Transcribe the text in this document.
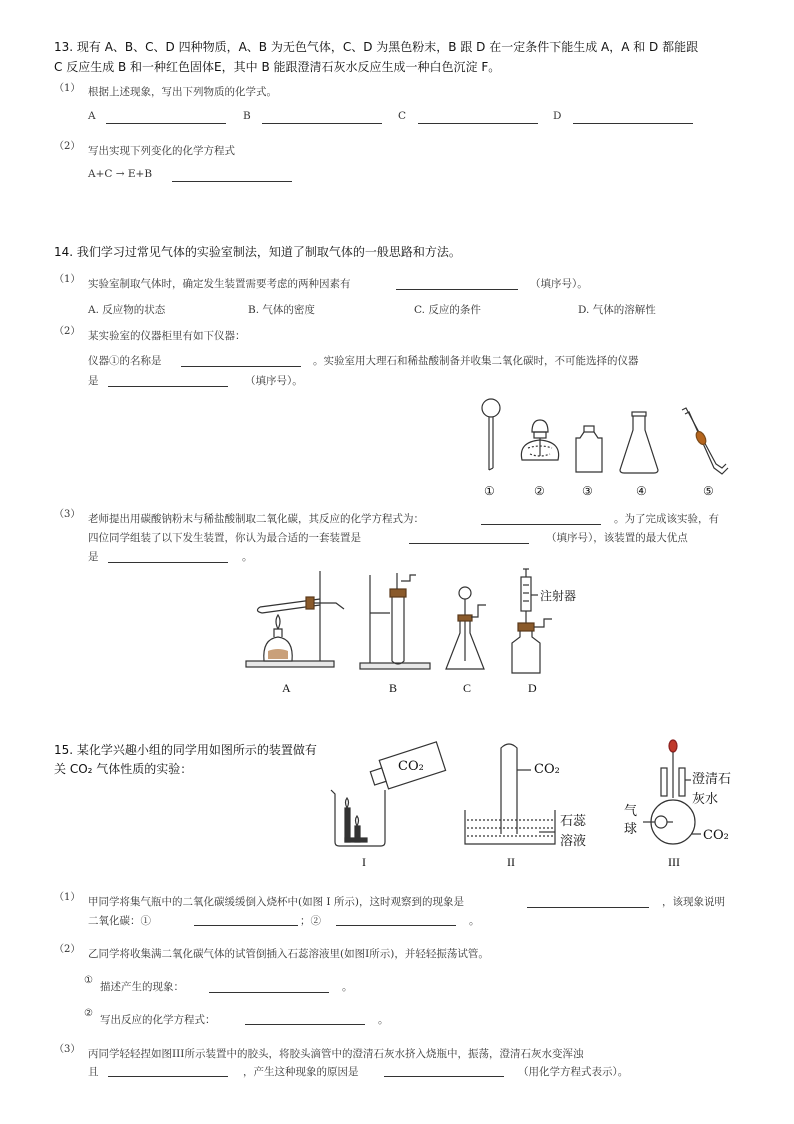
13. 现有 A、B、C、D 四种物质，A、B 为无色气体，C、D 为黑色粉末，B 跟 D 在一定条件下能生成 A，A 和 D 都能跟
C 反应生成 B 和一种红色固体E，其中 B 能跟澄清石灰水反应生成一种白色沉淀 F。
（1） 根据上述现象，写出下列物质的化学式。
A	B	C	D
（2） 写出实现下列变化的化学方程式
A+C → E+B
14. 我们学习过常见气体的实验室制法，知道了制取气体的一般思路和方法。
（1） 实验室制取气体时，确定发生装置需要考虑的两种因素有	（填序号）。
A. 反应物的状态	B. 气体的密度	C. 反应的条件	D. 气体的溶解性
（2） 某实验室的仪器柜里有如下仪器：
仪器①的名称是	。实验室用大理石和稀盐酸制备并收集二氧化碳时，不可能选择的仪器
是	（填序号）。
①	②	③	④	⑤
（3） 老师提出用碳酸钠粉末与稀盐酸制取二氧化碳，其反应的化学方程式为：	。为了完成该实验，有
四位同学组装了以下发生装置，你认为最合适的一套装置是	（填序号），该装置的最大优点
是	。
注射器
A	B	C	D
15. 某化学兴趣小组的同学用如图所示的装置做有
关 CO₂ 气体性质的实验：	CO₂	CO₂
石蕊
溶液
澄清石
灰水
气
球	CO₂
I	II	III
（1） 甲同学将集气瓶中的二氧化碳缓缓倒入烧杯中(如图 I 所示)，这时观察到的现象是	，该现象说明
二氧化碳：①	；②	。
（2） 乙同学将收集满二氧化碳气体的试管倒插入石蕊溶液里(如图I所示)，并轻轻振荡试管。
①
描述产生的现象：	。
②
写出反应的化学方程式：	。
（3） 丙同学轻轻捏如图III所示装置中的胶头，将胶头滴管中的澄清石灰水挤入烧瓶中，振荡，澄清石灰水变浑浊
且	，产生这种现象的原因是	（用化学方程式表示）。
